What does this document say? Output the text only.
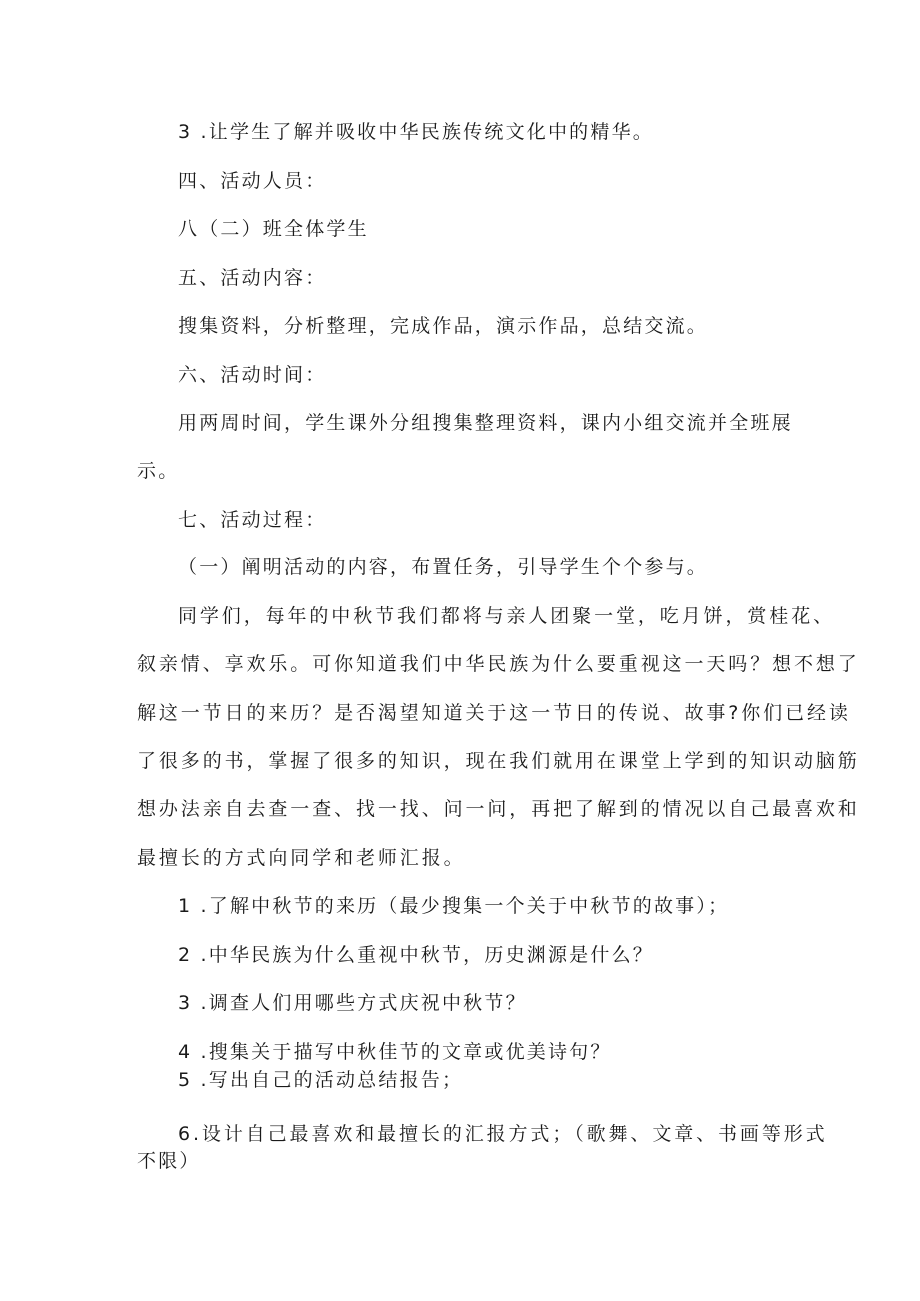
3 .让学生了解并吸收中华民族传统文化中的精华。
四、活动人员：
八（二）班全体学生
五、活动内容：
搜集资料，分析整理，完成作品，演示作品，总结交流。
六、活动时间：
用两周时间，学生课外分组搜集整理资料，课内小组交流并全班展
示。
七、活动过程：
（一）阐明活动的内容，布置任务，引导学生个个参与。
同学们，每年的中秋节我们都将与亲人团聚一堂，吃月饼，赏桂花、
叙亲情、享欢乐。可你知道我们中华民族为什么要重视这一天吗？想不想了
解这一节日的来历？是否渴望知道关于这一节日的传说、故事?你们已经读
了很多的书，掌握了很多的知识，现在我们就用在课堂上学到的知识动脑筋
想办法亲自去查一查、找一找、问一问，再把了解到的情况以自己最喜欢和
最擅长的方式向同学和老师汇报。
1 .了解中秋节的来历（最少搜集一个关于中秋节的故事）；
2 .中华民族为什么重视中秋节，历史渊源是什么？
3 .调查人们用哪些方式庆祝中秋节？
4 .搜集关于描写中秋佳节的文章或优美诗句？
5 .写出自己的活动总结报告；
6.设计自己最喜欢和最擅长的汇报方式；（歌舞、文章、书画等形式
不限）
